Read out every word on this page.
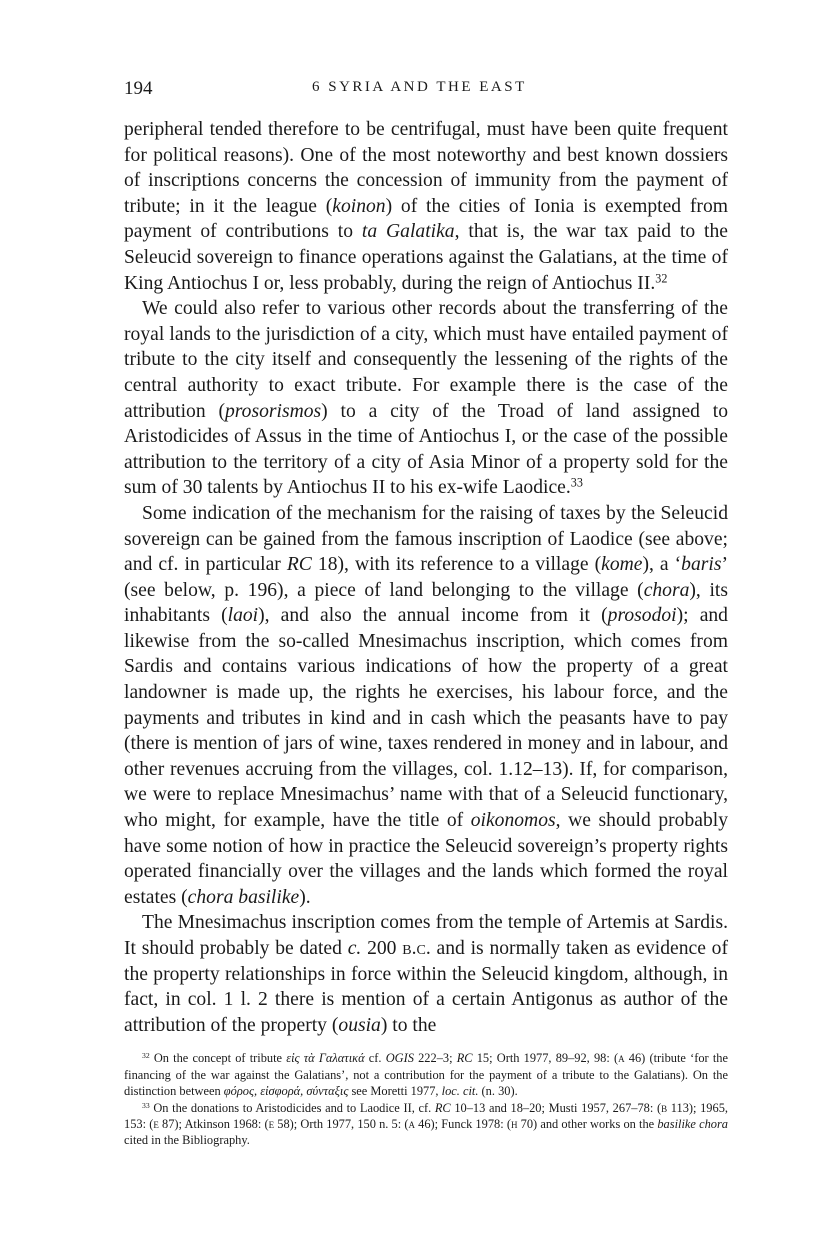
194	6 SYRIA AND THE EAST

peripheral tended therefore to be centrifugal, must have been quite frequent for political reasons). One of the most noteworthy and best known dossiers of inscriptions concerns the concession of immunity from the payment of tribute; in it the league (koinon) of the cities of Ionia is exempted from payment of contributions to ta Galatika, that is, the war tax paid to the Seleucid sovereign to finance operations against the Galatians, at the time of King Antiochus I or, less probably, during the reign of Antiochus II.$^{32}$

We could also refer to various other records about the transferring of the royal lands to the jurisdiction of a city, which must have entailed payment of tribute to the city itself and consequently the lessening of the rights of the central authority to exact tribute. For example there is the case of the attribution (prosorismos) to a city of the Troad of land assigned to Aristodicides of Assus in the time of Antiochus I, or the case of the possible attribution to the territory of a city of Asia Minor of a property sold for the sum of 30 talents by Antiochus II to his ex-wife Laodice.$^{33}$

Some indication of the mechanism for the raising of taxes by the Seleucid sovereign can be gained from the famous inscription of Laodice (see above; and cf. in particular RC 18), with its reference to a village (kome), a ‘baris’ (see below, p. 196), a piece of land belonging to the village (chora), its inhabitants (laoi), and also the annual income from it (prosodoi); and likewise from the so-called Mnesimachus inscription, which comes from Sardis and contains various indications of how the property of a great landowner is made up, the rights he exercises, his labour force, and the payments and tributes in kind and in cash which the peasants have to pay (there is mention of jars of wine, taxes rendered in money and in labour, and other revenues accruing from the villages, col. 1.12–13). If, for comparison, we were to replace Mnesimachus’ name with that of a Seleucid functionary, who might, for example, have the title of oikonomos, we should probably have some notion of how in practice the Seleucid sovereign’s property rights operated financially over the villages and the lands which formed the royal estates (chora basilike).

The Mnesimachus inscription comes from the temple of Artemis at Sardis. It should probably be dated c. 200 b.c. and is normally taken as evidence of the property relationships in force within the Seleucid kingdom, although, in fact, in col. 1 l. 2 there is mention of a certain Antigonus as author of the attribution of the property (ousia) to the

$^{32}$ On the concept of tribute εἰς τὰ Γαλατικά cf. OGIS 222–3; RC 15; Orth 1977, 89–92, 98: (a 46) (tribute ‘for the financing of the war against the Galatians’, not a contribution for the payment of a tribute to the Galatians). On the distinction between φόρος, εἰσφορά, σύνταξις see Moretti 1977, loc. cit. (n. 30).

$^{33}$ On the donations to Aristodicides and to Laodice II, cf. RC 10–13 and 18–20; Musti 1957, 267–78: (b 113); 1965, 153: (e 87); Atkinson 1968: (e 58); Orth 1977, 150 n. 5: (a 46); Funck 1978: (h 70) and other works on the basilike chora cited in the Bibliography.
